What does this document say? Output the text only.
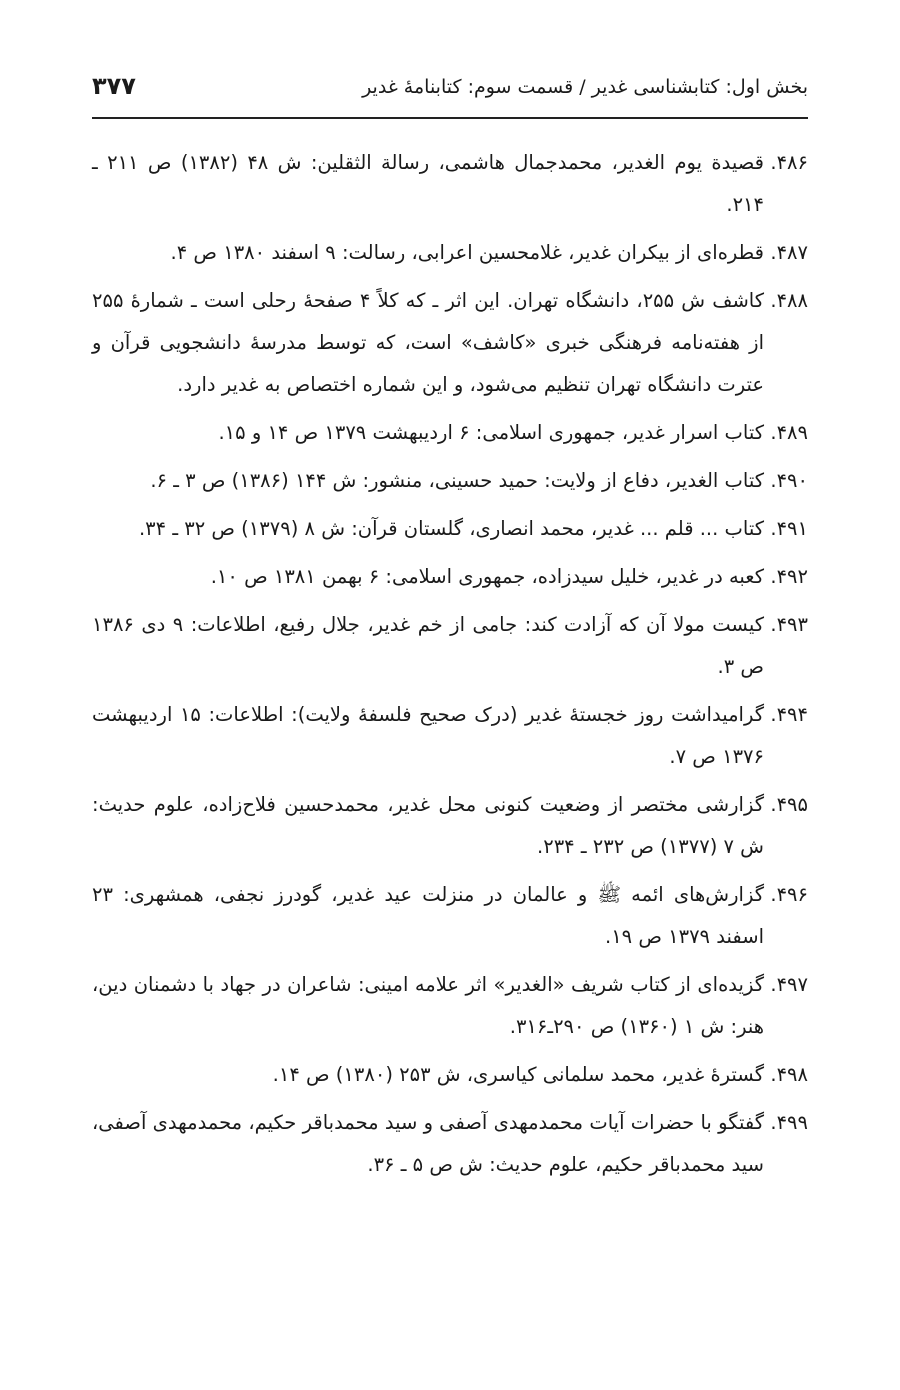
بخش اول: کتابشناسی غدیر / قسمت سوم: کتابنامهٔ غدیر
۳۷۷
۴۸۶.
قصیدة یوم الغدیر، محمدجمال هاشمی، رسالة الثقلین: ش ۴۸ (۱۳۸۲) ص ۲۱۱ ـ ۲۱۴.
۴۸۷.
قطره‌ای از بیکران غدیر، غلامحسین اعرابی، رسالت: ۹ اسفند ۱۳۸۰ ص ۴.
۴۸۸.
کاشف ش ۲۵۵، دانشگاه تهران. این اثر ـ که کلاً ۴ صفحهٔ رحلی است ـ شمارهٔ ۲۵۵ از هفته‌نامه فرهنگی خبری «کاشف» است، که توسط مدرسهٔ دانشجویی قرآن و عترت دانشگاه تهران تنظیم می‌شود، و این شماره اختصاص به غدیر دارد.
۴۸۹.
کتاب اسرار غدیر، جمهوری اسلامی: ۶ اردیبهشت ۱۳۷۹ ص ۱۴ و ۱۵.
۴۹۰.
کتاب الغدیر، دفاع از ولایت: حمید حسینی، منشور: ش ۱۴۴ (۱۳۸۶) ص ۳ ـ ۶.
۴۹۱.
کتاب ... قلم ... غدیر، محمد انصاری، گلستان قرآن: ش ۸ (۱۳۷۹) ص ۳۲ ـ ۳۴.
۴۹۲.
کعبه در غدیر، خلیل سیدزاده، جمهوری اسلامی: ۶ بهمن ۱۳۸۱ ص ۱۰.
۴۹۳.
کیست مولا آن که آزادت کند: جامی از خم غدیر، جلال رفیع، اطلاعات: ۹ دی ۱۳۸۶ ص ۳.
۴۹۴.
گرامیداشت روز خجستهٔ غدیر (درک صحیح فلسفهٔ ولایت): اطلاعات: ۱۵ اردیبهشت ۱۳۷۶ ص ۷.
۴۹۵.
گزارشی مختصر از وضعیت کنونی محل غدیر، محمدحسین فلاح‌زاده، علوم حدیث: ش ۷ (۱۳۷۷) ص ۲۳۲ ـ ۲۳۴.
۴۹۶.
گزارش‌های ائمه ﷺ و عالمان در منزلت عید غدیر، گودرز نجفی، همشهری: ۲۳ اسفند ۱۳۷۹ ص ۱۹.
۴۹۷.
گزیده‌ای از کتاب شریف «الغدیر» اثر علامه امینی: شاعران در جهاد با دشمنان دین، هنر: ش ۱ (۱۳۶۰) ص ۲۹۰ـ۳۱۶.
۴۹۸.
گسترهٔ غدیر، محمد سلمانی کیاسری، ش ۲۵۳ (۱۳۸۰) ص ۱۴.
۴۹۹.
گفتگو با حضرات آیات محمدمهدی آصفی و سید محمدباقر حکیم، محمدمهدی آصفی، سید محمدباقر حکیم، علوم حدیث: ش ص ۵ ـ ۳۶.
